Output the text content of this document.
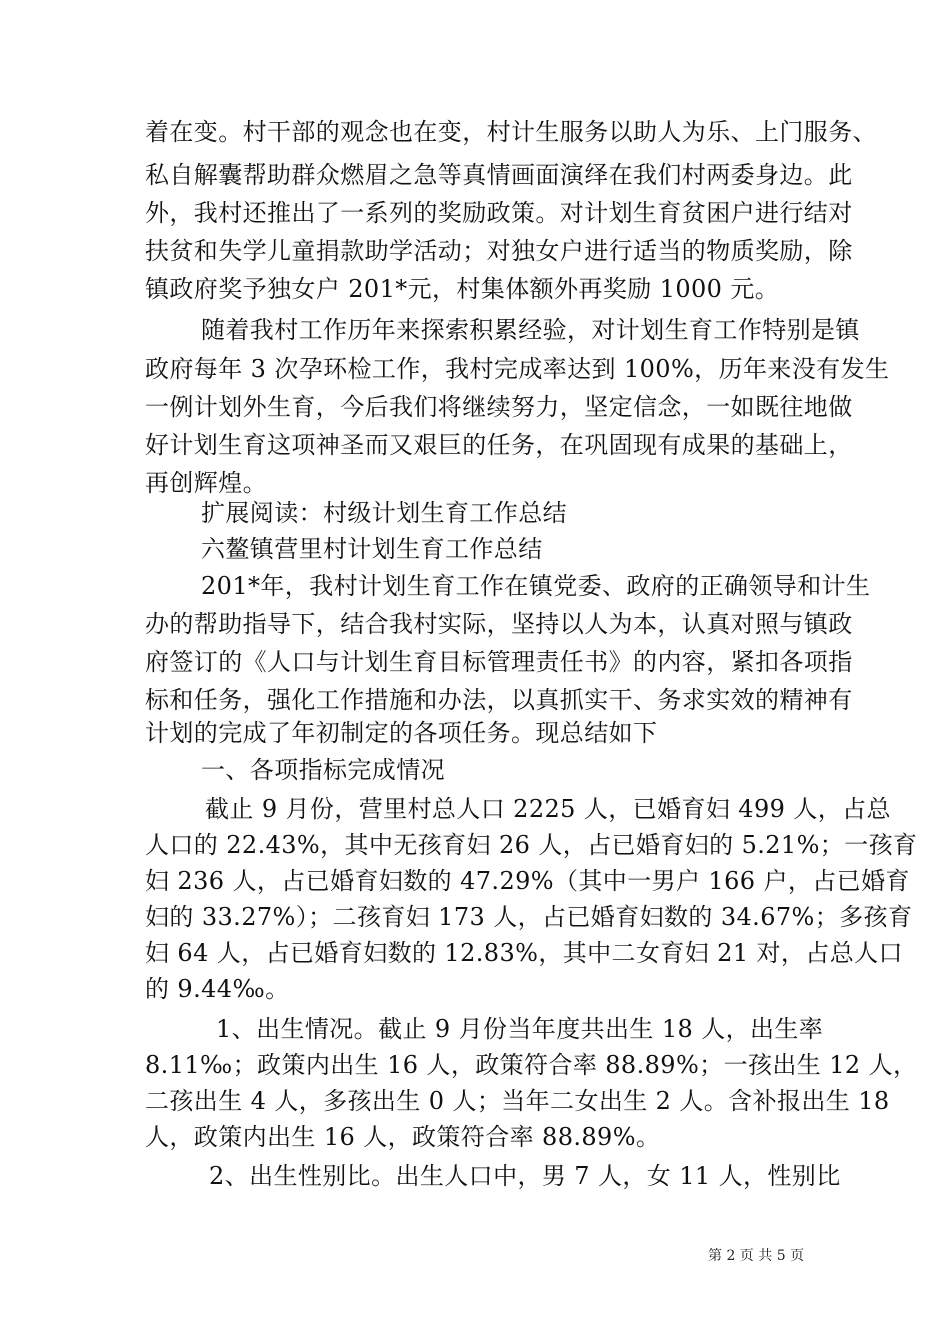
着在变。村干部的观念也在变，村计生服务以助人为乐、上门服务、
私自解囊帮助群众燃眉之急等真情画面演绎在我们村两委身边。此
外，我村还推出了一系列的奖励政策。对计划生育贫困户进行结对
扶贫和失学儿童捐款助学活动；对独女户进行适当的物质奖励，除
镇政府奖予独女户 201*元，村集体额外再奖励 1000 元。
随着我村工作历年来探索积累经验，对计划生育工作特别是镇
政府每年 3 次孕环检工作，我村完成率达到 100%，历年来没有发生
一例计划外生育，今后我们将继续努力，坚定信念，一如既往地做
好计划生育这项神圣而又艰巨的任务，在巩固现有成果的基础上，
再创辉煌。
扩展阅读：村级计划生育工作总结
六鳌镇营里村计划生育工作总结
201*年，我村计划生育工作在镇党委、政府的正确领导和计生
办的帮助指导下，结合我村实际，坚持以人为本，认真对照与镇政
府签订的《人口与计划生育目标管理责任书》的内容，紧扣各项指
标和任务，强化工作措施和办法，以真抓实干、务求实效的精神有
计划的完成了年初制定的各项任务。现总结如下
一、各项指标完成情况
截止 9 月份，营里村总人口 2225 人，已婚育妇 499 人，占总
人口的 22.43%，其中无孩育妇 26 人，占已婚育妇的 5.21%；一孩育
妇 236 人，占已婚育妇数的 47.29%（其中一男户 166 户，占已婚育
妇的 33.27%）；二孩育妇 173 人，占已婚育妇数的 34.67%；多孩育
妇 64 人，占已婚育妇数的 12.83%，其中二女育妇 21 对，占总人口
的 9.44‰。
1、出生情况。截止 9 月份当年度共出生 18 人，出生率
8.11‰；政策内出生 16 人，政策符合率 88.89%；一孩出生 12 人，
二孩出生 4 人，多孩出生 0 人；当年二女出生 2 人。含补报出生 18
人，政策内出生 16 人，政策符合率 88.89%。
2、出生性别比。出生人口中，男 7 人，女 11 人，性别比
第 2 页 共 5 页
